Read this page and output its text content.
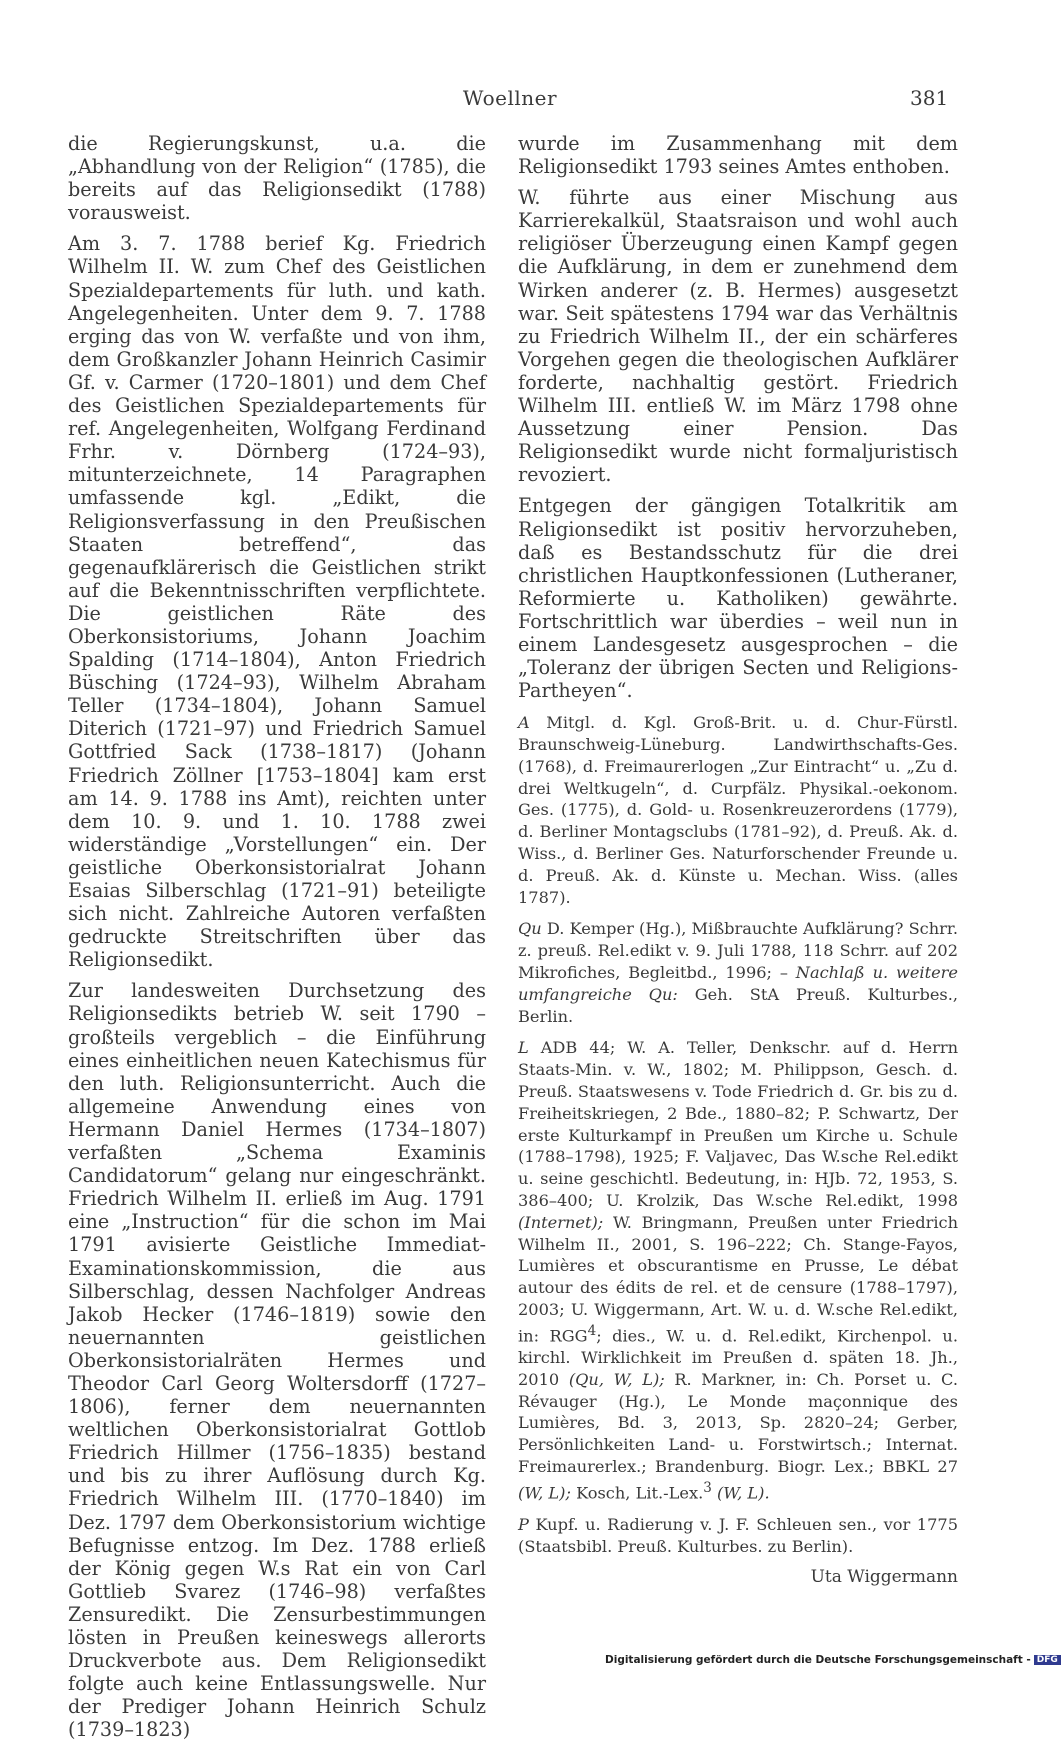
Woellner	381

die Regierungskunst, u.a. die „Abhandlung von der Religion“ (1785), die bereits auf das Religionsedikt (1788) vorausweist.

Am 3. 7. 1788 berief Kg. Friedrich Wilhelm II. W. zum Chef des Geistlichen Spezialdepartements für luth. und kath. Angelegenheiten. Unter dem 9. 7. 1788 erging das von W. verfaßte und von ihm, dem Großkanzler Johann Heinrich Casimir Gf. v. Carmer (1720–1801) und dem Chef des Geistlichen Spezialdepartements für ref. Angelegenheiten, Wolfgang Ferdinand Frhr. v. Dörnberg (1724–93), mitunterzeichnete, 14 Paragraphen umfassende kgl. „Edikt, die Religionsverfassung in den Preußischen Staaten betreffend“, das gegenaufklärerisch die Geistlichen strikt auf die Bekenntnisschriften verpflichtete. Die geistlichen Räte des Oberkonsistoriums, Johann Joachim Spalding (1714–1804), Anton Friedrich Büsching (1724–93), Wilhelm Abraham Teller (1734–1804), Johann Samuel Diterich (1721–97) und Friedrich Samuel Gottfried Sack (1738–1817) (Johann Friedrich Zöllner [1753–1804] kam erst am 14. 9. 1788 ins Amt), reichten unter dem 10. 9. und 1. 10. 1788 zwei widerständige „Vorstellungen“ ein. Der geistliche Oberkonsistorialrat Johann Esaias Silberschlag (1721–91) beteiligte sich nicht. Zahlreiche Autoren verfaßten gedruckte Streitschriften über das Religionsedikt.

Zur landesweiten Durchsetzung des Religionsedikts betrieb W. seit 1790 – großteils vergeblich – die Einführung eines einheitlichen neuen Katechismus für den luth. Religionsunterricht. Auch die allgemeine Anwendung eines von Hermann Daniel Hermes (1734–1807) verfaßten „Schema Examinis Candidatorum“ gelang nur eingeschränkt. Friedrich Wilhelm II. erließ im Aug. 1791 eine „Instruction“ für die schon im Mai 1791 avisierte Geistliche Immediat-Examinationskommission, die aus Silberschlag, dessen Nachfolger Andreas Jakob Hecker (1746–1819) sowie den neuernannten geistlichen Oberkonsistorialräten Hermes und Theodor Carl Georg Woltersdorff (1727–1806), ferner dem neuernannten weltlichen Oberkonsistorialrat Gottlob Friedrich Hillmer (1756–1835) bestand und bis zu ihrer Auflösung durch Kg. Friedrich Wilhelm III. (1770–1840) im Dez. 1797 dem Oberkonsistorium wichtige Befugnisse entzog. Im Dez. 1788 erließ der König gegen W.s Rat ein von Carl Gottlieb Svarez (1746–98) verfaßtes Zensuredikt. Die Zensurbestimmungen lösten in Preußen keineswegs allerorts Druckverbote aus. Dem Religionsedikt folgte auch keine Entlassungswelle. Nur der Prediger Johann Heinrich Schulz (1739–1823)

wurde im Zusammenhang mit dem Religionsedikt 1793 seines Amtes enthoben.

W. führte aus einer Mischung aus Karrierekalkül, Staatsraison und wohl auch religiöser Überzeugung einen Kampf gegen die Aufklärung, in dem er zunehmend dem Wirken anderer (z. B. Hermes) ausgesetzt war. Seit spätestens 1794 war das Verhältnis zu Friedrich Wilhelm II., der ein schärferes Vorgehen gegen die theologischen Aufklärer forderte, nachhaltig gestört. Friedrich Wilhelm III. entließ W. im März 1798 ohne Aussetzung einer Pension. Das Religionsedikt wurde nicht formaljuristisch revoziert.

Entgegen der gängigen Totalkritik am Religionsedikt ist positiv hervorzuheben, daß es Bestandsschutz für die drei christlichen Hauptkonfessionen (Lutheraner, Reformierte u. Katholiken) gewährte. Fortschrittlich war überdies – weil nun in einem Landesgesetz ausgesprochen – die „Toleranz der übrigen Secten und Religions-Partheyen“.

A Mitgl. d. Kgl. Groß-Brit. u. d. Chur-Fürstl. Braunschweig-Lüneburg. Landwirthschafts-Ges. (1768), d. Freimaurerlogen „Zur Eintracht“ u. „Zu d. drei Weltkugeln“, d. Curpfälz. Physikal.-oekonom. Ges. (1775), d. Gold- u. Rosenkreuzerordens (1779), d. Berliner Montagsclubs (1781–92), d. Preuß. Ak. d. Wiss., d. Berliner Ges. Naturforschender Freunde u. d. Preuß. Ak. d. Künste u. Mechan. Wiss. (alles 1787).
Qu D. Kemper (Hg.), Mißbrauchte Aufklärung? Schrr. z. preuß. Rel.edikt v. 9. Juli 1788, 118 Schrr. auf 202 Mikrofiches, Begleitbd., 1996; – Nachlaß u. weitere umfangreiche Qu: Geh. StA Preuß. Kulturbes., Berlin.
L ADB 44; W. A. Teller, Denkschr. auf d. Herrn Staats-Min. v. W., 1802; M. Philippson, Gesch. d. Preuß. Staatswesens v. Tode Friedrich d. Gr. bis zu d. Freiheitskriegen, 2 Bde., 1880–82; P. Schwartz, Der erste Kulturkampf in Preußen um Kirche u. Schule (1788–1798), 1925; F. Valjavec, Das W.sche Rel.edikt u. seine geschichtl. Bedeutung, in: HJb. 72, 1953, S. 386–400; U. Krolzik, Das W.sche Rel.edikt, 1998 (Internet); W. Bringmann, Preußen unter Friedrich Wilhelm II., 2001, S. 196–222; Ch. Stange-Fayos, Lumières et obscurantisme en Prusse, Le débat autour des édits de rel. et de censure (1788–1797), 2003; U. Wiggermann, Art. W. u. d. W.sche Rel.edikt, in: RGG$^4$; dies., W. u. d. Rel.edikt, Kirchenpol. u. kirchl. Wirklichkeit im Preußen d. späten 18. Jh., 2010 (Qu, W, L); R. Markner, in: Ch. Porset u. C. Révauger (Hg.), Le Monde maçonnique des Lumières, Bd. 3, 2013, Sp. 2820–24; Gerber, Persönlichkeiten Land- u. Forstwirtsch.; Internat. Freimaurerlex.; Brandenburg. Biogr. Lex.; BBKL 27 (W, L); Kosch, Lit.-Lex.$^3$ (W, L).
P Kupf. u. Radierung v. J. F. Schleuen sen., vor 1775 (Staatsbibl. Preuß. Kulturbes. zu Berlin).
Uta Wiggermann
Digitalisierung gefördert durch die Deutsche Forschungsgemeinschaft - DFG
